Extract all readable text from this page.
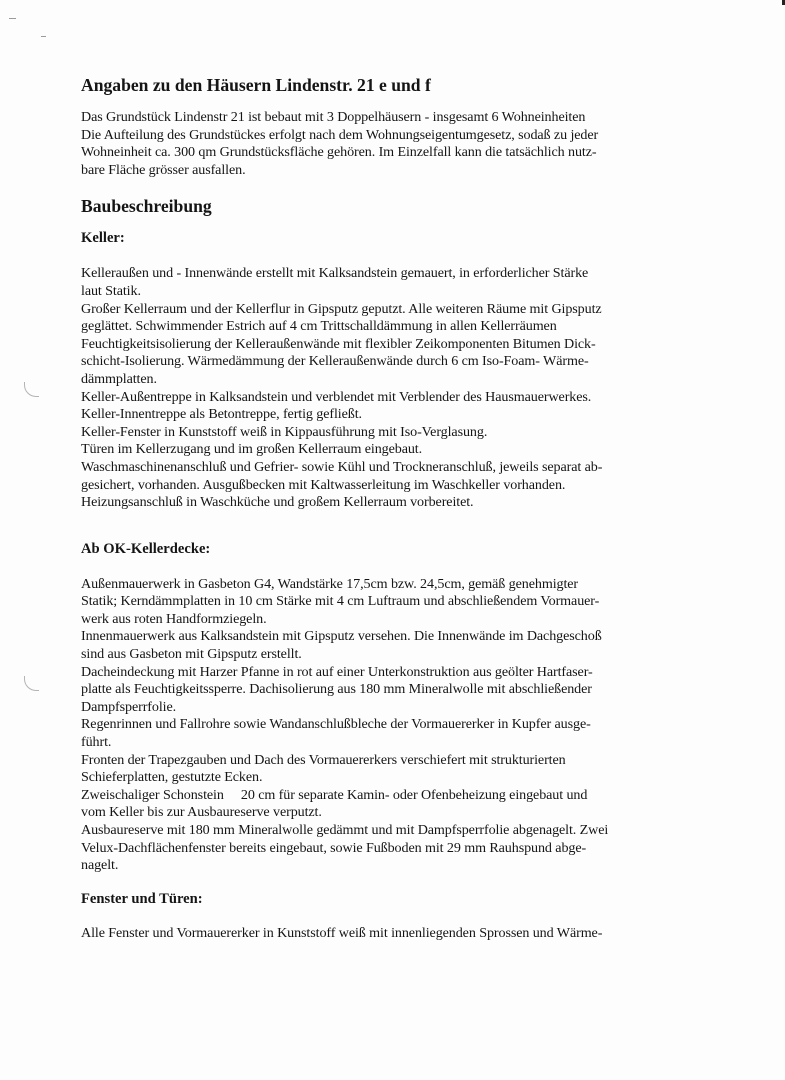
Angaben zu den Häusern Lindenstr. 21 e und f
Das Grundstück Lindenstr 21 ist bebaut mit 3 Doppelhäusern - insgesamt 6 Wohneinheiten
Die Aufteilung des Grundstückes erfolgt nach dem Wohnungseigentumgesetz, sodaß zu jeder
Wohneinheit ca. 300 qm Grundstücksfläche gehören. Im Einzelfall kann die tatsächlich nutz-
bare Fläche grösser ausfallen.
Baubeschreibung
Keller:
Kelleraußen und - Innenwände erstellt mit Kalksandstein gemauert, in erforderlicher Stärke
laut Statik.
Großer Kellerraum und der Kellerflur in Gipsputz geputzt. Alle weiteren Räume mit Gipsputz
geglättet. Schwimmender Estrich auf 4 cm Trittschalldämmung in allen Kellerräumen
Feuchtigkeitsisolierung der Kelleraußenwände mit flexibler Zeikomponenten Bitumen Dick-
schicht-Isolierung. Wärmedämmung der Kelleraußenwände durch 6 cm Iso-Foam- Wärme-
dämmplatten.
Keller-Außentreppe in Kalksandstein und verblendet mit Verblender des Hausmauerwerkes.
Keller-Innentreppe als Betontreppe, fertig gefließt.
Keller-Fenster in Kunststoff weiß in Kippausführung mit Iso-Verglasung.
Türen im Kellerzugang und im großen Kellerraum eingebaut.
Waschmaschinenanschluß und Gefrier- sowie Kühl und Trockneranschluß, jeweils separat ab-
gesichert, vorhanden. Ausgußbecken mit Kaltwasserleitung im Waschkeller vorhanden.
Heizungsanschluß in Waschküche und großem Kellerraum vorbereitet.
Ab OK-Kellerdecke:
Außenmauerwerk in Gasbeton G4, Wandstärke 17,5cm bzw. 24,5cm, gemäß genehmigter
Statik; Kerndämmplatten in 10 cm Stärke mit 4 cm Luftraum und abschließendem Vormauer-
werk aus roten Handformziegeln.
Innenmauerwerk aus Kalksandstein mit Gipsputz versehen. Die Innenwände im Dachgeschoß
sind aus Gasbeton mit Gipsputz erstellt.
Dacheindeckung mit Harzer Pfanne in rot auf einer Unterkonstruktion aus geölter Hartfaser-
platte als Feuchtigkeitssperre. Dachisolierung aus 180 mm Mineralwolle mit abschließender
Dampfsperrfolie.
Regenrinnen und Fallrohre sowie Wandanschlußbleche der Vormauererker in Kupfer ausge-
führt.
Fronten der Trapezgauben und Dach des Vormauererkers verschiefert mit strukturierten
Schieferplatten, gestutzte Ecken.
Zweischaliger Schonstein     20 cm für separate Kamin- oder Ofenbeheizung eingebaut und
vom Keller bis zur Ausbaureserve verputzt.
Ausbaureserve mit 180 mm Mineralwolle gedämmt und mit Dampfsperrfolie abgenagelt. Zwei
Velux-Dachflächenfenster bereits eingebaut, sowie Fußboden mit 29 mm Rauhspund abge-
nagelt.
Fenster und Türen:
Alle Fenster und Vormauererker in Kunststoff weiß mit innenliegenden Sprossen und Wärme-
